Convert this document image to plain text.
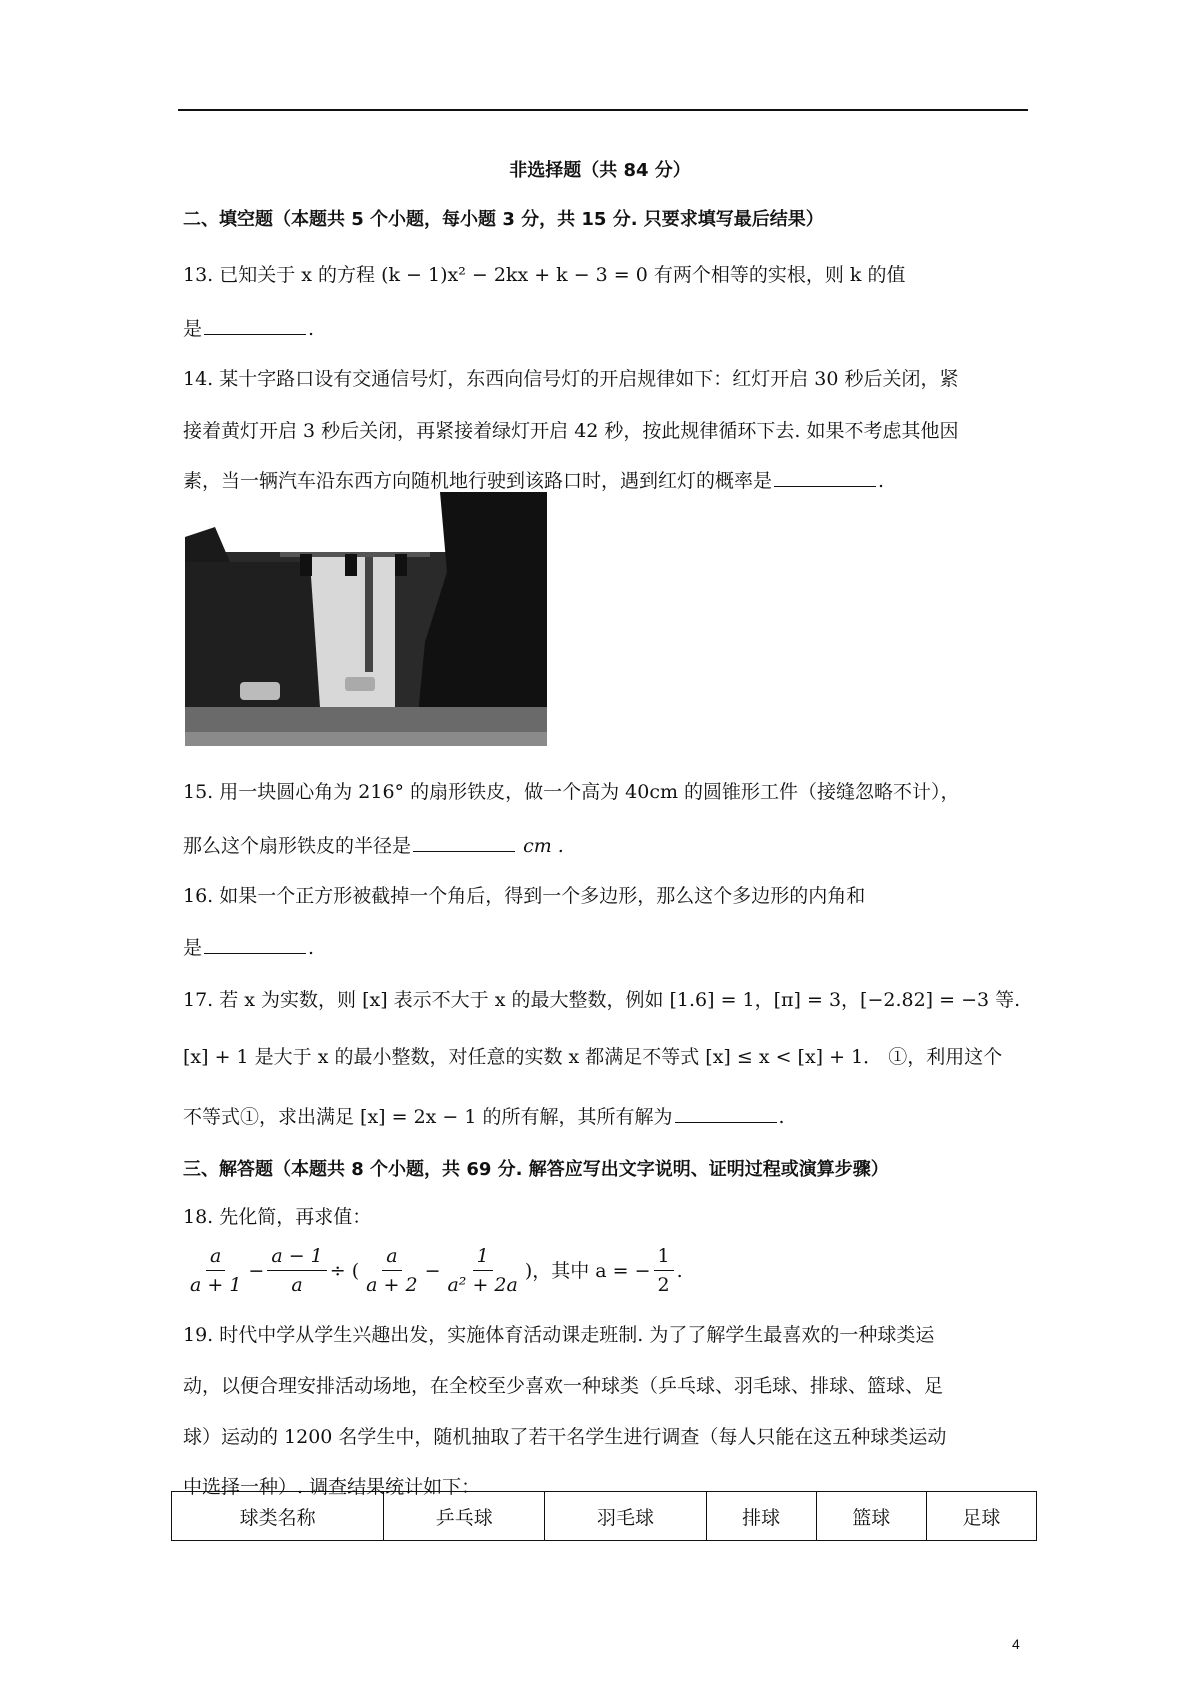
非选择题（共 84 分）
二、填空题（本题共 5 个小题，每小题 3 分，共 15 分. 只要求填写最后结果）
13. 已知关于 x 的方程 (k − 1)x² − 2kx + k − 3 = 0 有两个相等的实根，则 k 的值
是	.
14. 某十字路口设有交通信号灯，东西向信号灯的开启规律如下：红灯开启 30 秒后关闭，紧
接着黄灯开启 3 秒后关闭，再紧接着绿灯开启 42 秒，按此规律循环下去. 如果不考虑其他因
素，当一辆汽车沿东西方向随机地行驶到该路口时，遇到红灯的概率是	.
15. 用一块圆心角为 216° 的扇形铁皮，做一个高为 40cm 的圆锥形工件（接缝忽略不计），
那么这个扇形铁皮的半径是	cm .
16. 如果一个正方形被截掉一个角后，得到一个多边形，那么这个多边形的内角和
是	.
17. 若 x 为实数，则 [x] 表示不大于 x 的最大整数，例如 [1.6] = 1，[π] = 3，[−2.82] = −3 等.
[x] + 1 是大于 x 的最小整数，对任意的实数 x 都满足不等式 [x] ≤ x < [x] + 1． ①，利用这个
不等式①，求出满足 [x] = 2x − 1 的所有解，其所有解为	.
三、解答题（本题共 8 个小题，共 69 分. 解答应写出文字说明、证明过程或演算步骤）
18. 先化简，再求值：
$\frac{a}{a + 1} - \frac{a - 1}{a}$ ÷ ( $\frac{a}{a + 2} - \frac{1}{\text{a² + 2a}}$ )，其中 a = − $\frac{1}{2}$ .
19. 时代中学从学生兴趣出发，实施体育活动课走班制. 为了了解学生最喜欢的一种球类运
动，以便合理安排活动场地，在全校至少喜欢一种球类（乒乓球、羽毛球、排球、篮球、足
球）运动的 1200 名学生中，随机抽取了若干名学生进行调查（每人只能在这五种球类运动
中选择一种）. 调查结果统计如下：
球类名称	乒乓球	羽毛球	排球	篮球	足球
4
